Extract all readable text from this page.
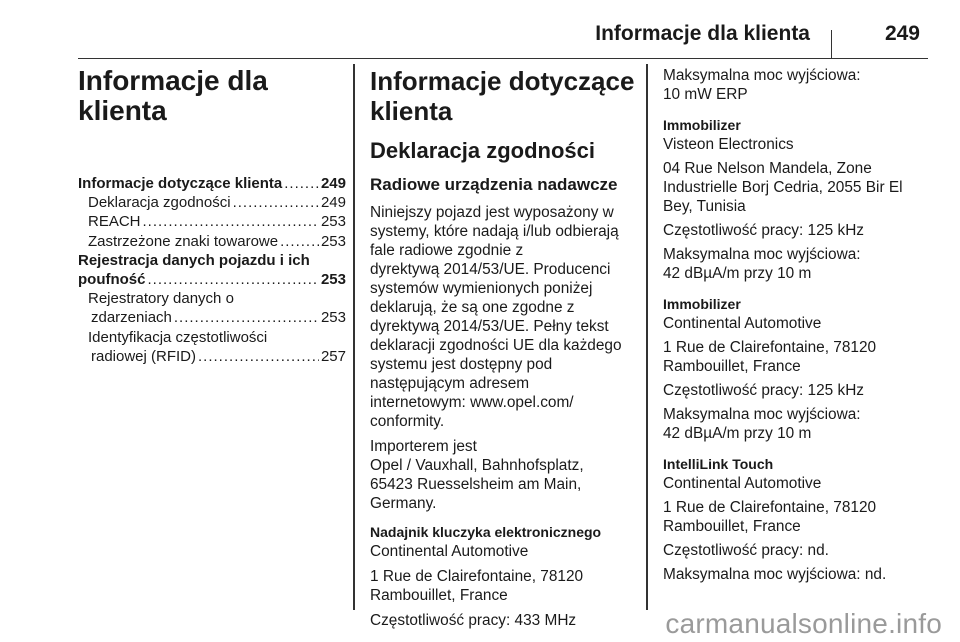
Informacje dla klienta	249
Informacje dla
klienta
Informacje dotyczące klienta .....	249
Deklaracja zgodności .....	249
REACH .....	253
Zastrzeżone znaki towarowe .....	253
Rejestracja danych pojazdu i ich
poufność .....	253
Rejestratory danych o
zdarzeniach .....	253
Identyfikacja częstotliwości
radiowej (RFID) .....	257
Informacje dotyczące
klienta
Deklaracja zgodności
Radiowe urządzenia nadawcze

Niniejszy pojazd jest wyposażony w
systemy, które nadają i/lub odbierają
fale radiowe zgodnie z
dyrektywą 2014/53/UE. Producenci
systemów wymienionych poniżej
deklarują, że są one zgodne z
dyrektywą 2014/53/UE. Pełny tekst
deklaracji zgodności UE dla każdego
systemu jest dostępny pod
następującym adresem
internetowym: www.opel.com/
conformity.

Importerem jest
Opel / Vauxhall, Bahnhofsplatz,
65423 Ruesselsheim am Main,
Germany.

Nadajnik kluczyka elektronicznego

Continental Automotive

1 Rue de Clairefontaine, 78120
Rambouillet, France

Częstotliwość pracy: 433 MHz

Maksymalna moc wyjściowa:
10 mW ERP

Immobilizer

Visteon Electronics

04 Rue Nelson Mandela, Zone
Industrielle Borj Cedria, 2055 Bir El
Bey, Tunisia

Częstotliwość pracy: 125 kHz

Maksymalna moc wyjściowa:
42 dBµA/m przy 10 m

Immobilizer

Continental Automotive

1 Rue de Clairefontaine, 78120
Rambouillet, France

Częstotliwość pracy: 125 kHz

Maksymalna moc wyjściowa:
42 dBµA/m przy 10 m

IntelliLink Touch

Continental Automotive

1 Rue de Clairefontaine, 78120
Rambouillet, France

Częstotliwość pracy: nd.

Maksymalna moc wyjściowa: nd.

carmanualsonline.info
